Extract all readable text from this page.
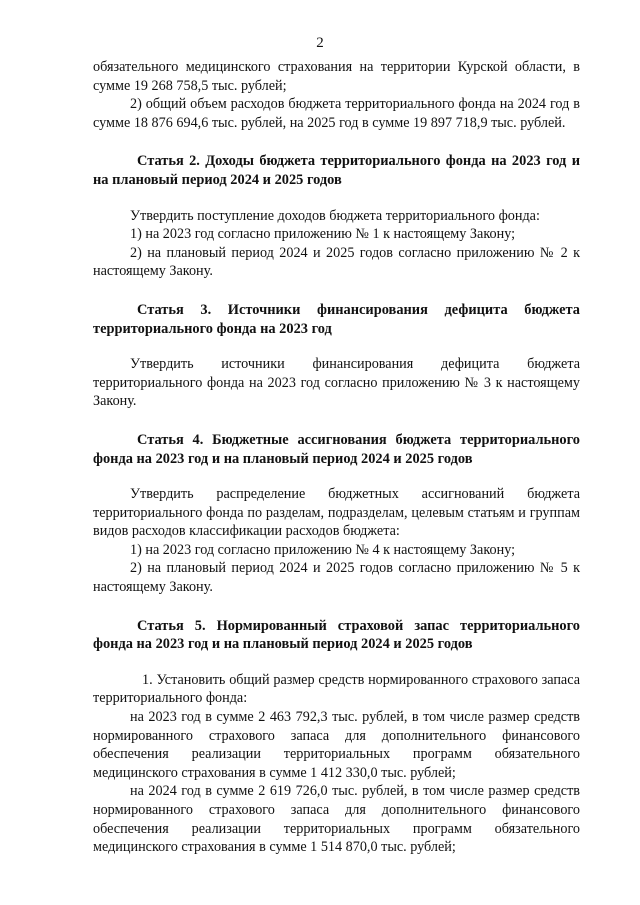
2

обязательного медицинского страхования на территории Курской области, в сумме 19 268 758,5 тыс. рублей;

2) общий объем расходов бюджета территориального фонда на 2024 год в сумме 18 876 694,6 тыс. рублей, на 2025 год в сумме 19 897 718,9 тыс. рублей.

Статья 2. Доходы бюджета территориального фонда на 2023 год и на плановый период 2024 и 2025 годов

Утвердить поступление доходов бюджета территориального фонда:

1) на 2023 год согласно приложению № 1 к настоящему Закону;

2) на плановый период 2024 и 2025 годов согласно приложению № 2 к настоящему Закону.

Статья 3. Источники финансирования дефицита бюджета территориального фонда на 2023 год

Утвердить источники финансирования дефицита бюджета территориального фонда на 2023 год согласно приложению № 3 к настоящему Закону.

Статья 4. Бюджетные ассигнования бюджета территориального фонда на 2023 год и на плановый период 2024 и 2025 годов

Утвердить распределение бюджетных ассигнований бюджета территориального фонда по разделам, подразделам, целевым статьям и группам видов расходов классификации расходов бюджета:

1) на 2023 год согласно приложению № 4 к настоящему Закону;

2) на плановый период 2024 и 2025 годов согласно приложению № 5 к настоящему Закону.

Статья 5. Нормированный страховой запас территориального фонда на 2023 год и на плановый период 2024 и 2025 годов

1. Установить общий размер средств нормированного страхового запаса территориального фонда:

на 2023 год в сумме 2 463 792,3 тыс. рублей, в том числе размер средств нормированного страхового запаса для дополнительного финансового обеспечения реализации территориальных программ обязательного медицинского страхования в сумме 1 412 330,0 тыс. рублей;

на 2024 год в сумме 2 619 726,0 тыс. рублей, в том числе размер средств нормированного страхового запаса для дополнительного финансового обеспечения реализации территориальных программ обязательного медицинского страхования в сумме 1 514 870,0 тыс. рублей;
